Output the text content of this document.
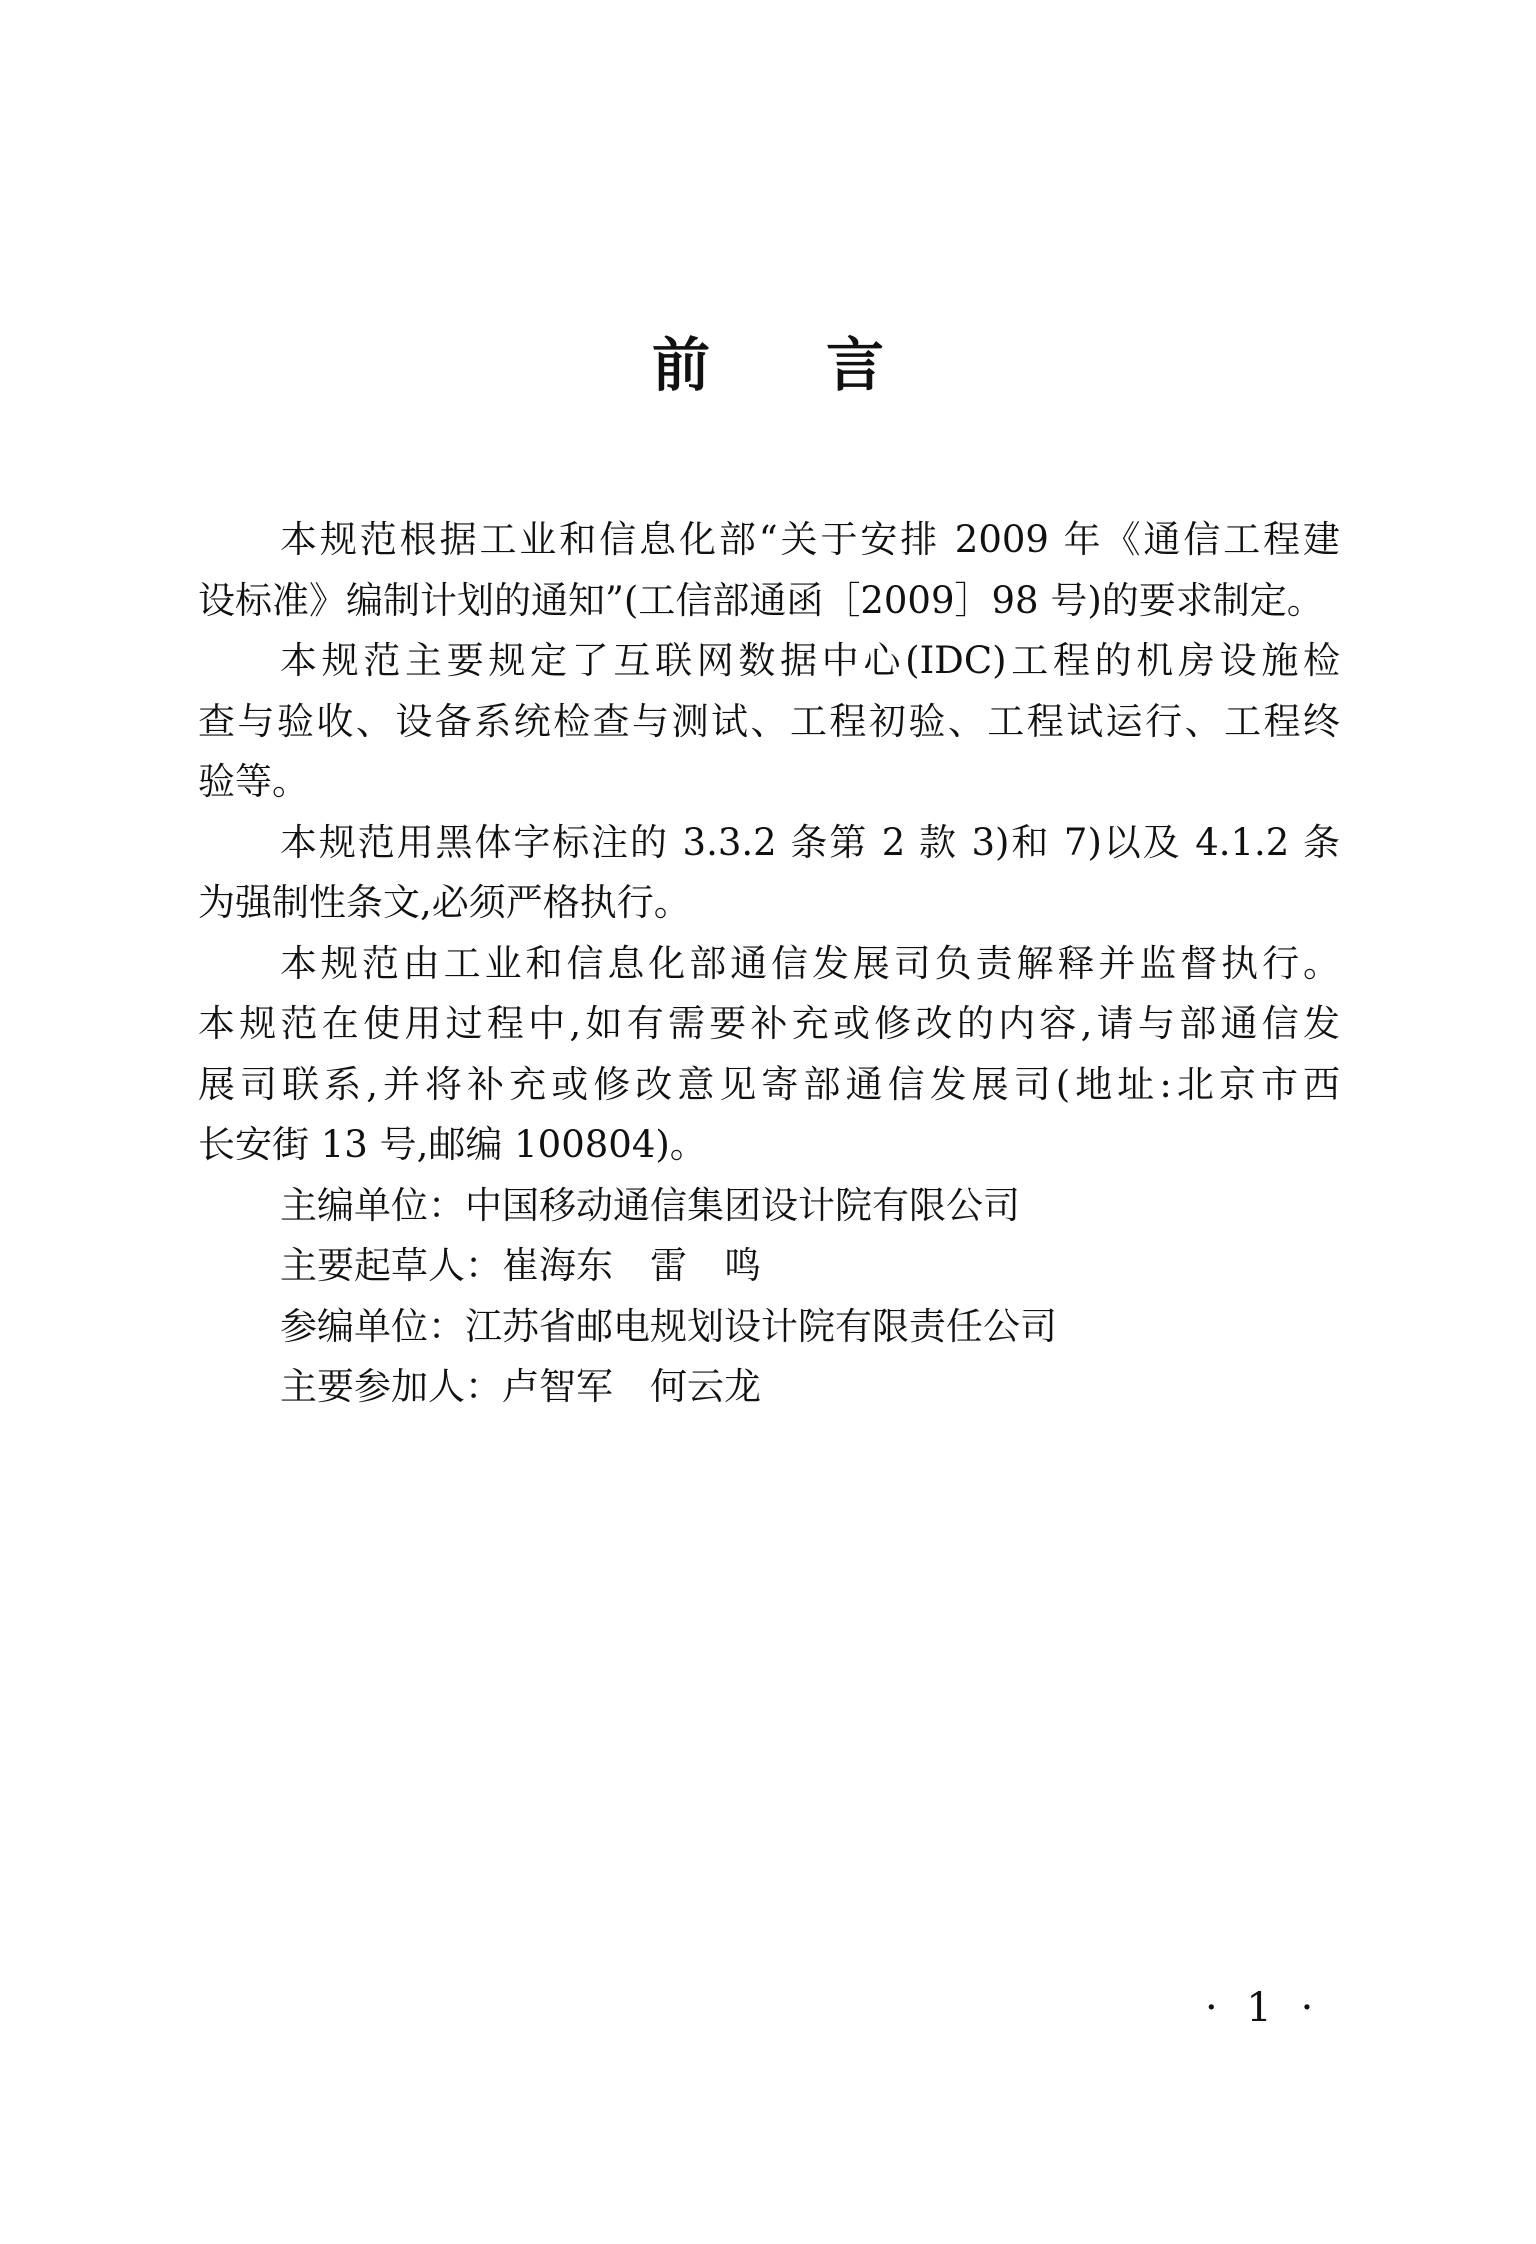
前 言
本规范根据工业和信息化部“关于安排 2009 年《通信工程建
设标准》编制计划的通知”(工信部通函［2009］98 号)的要求制定。
本规范主要规定了互联网数据中心(IDC)工程的机房设施检
查与验收、设备系统检查与测试、工程初验、工程试运行、工程终
验等。
本规范用黑体字标注的 3.3.2 条第 2 款 3)和 7)以及 4.1.2 条
为强制性条文,必须严格执行。
本规范由工业和信息化部通信发展司负责解释并监督执行。
本规范在使用过程中,如有需要补充或修改的内容,请与部通信发
展司联系,并将补充或修改意见寄部通信发展司(地址:北京市西
长安街 13 号,邮编 100804)。
主编单位：中国移动通信集团设计院有限公司
主要起草人：崔海东　雷　鸣
参编单位：江苏省邮电规划设计院有限责任公司
主要参加人：卢智军　何云龙
· 1 ·
